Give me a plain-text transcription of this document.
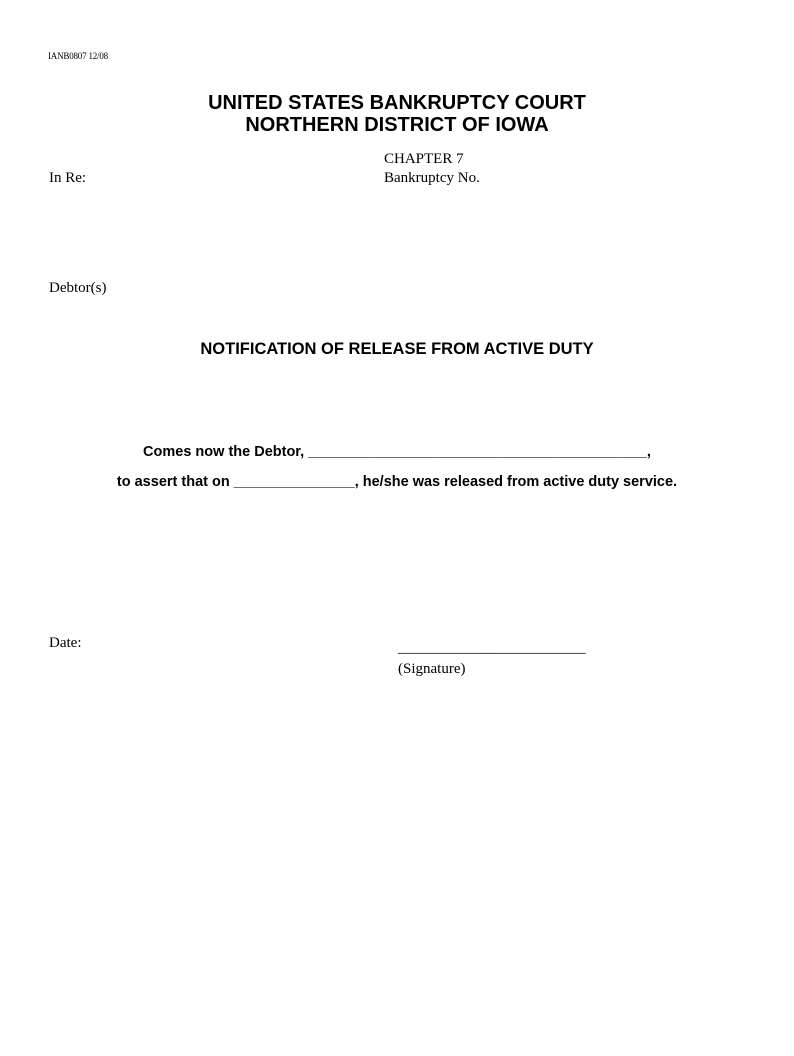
IANB0807 12/08
UNITED STATES BANKRUPTCY COURT
NORTHERN DISTRICT OF IOWA
CHAPTER 7
In Re:	Bankruptcy No.
Debtor(s)
NOTIFICATION OF RELEASE FROM ACTIVE DUTY
Comes now the Debtor, __________________________________________,
to assert that on _______________, he/she was released from active duty service.
Date:	_________________________
(Signature)
